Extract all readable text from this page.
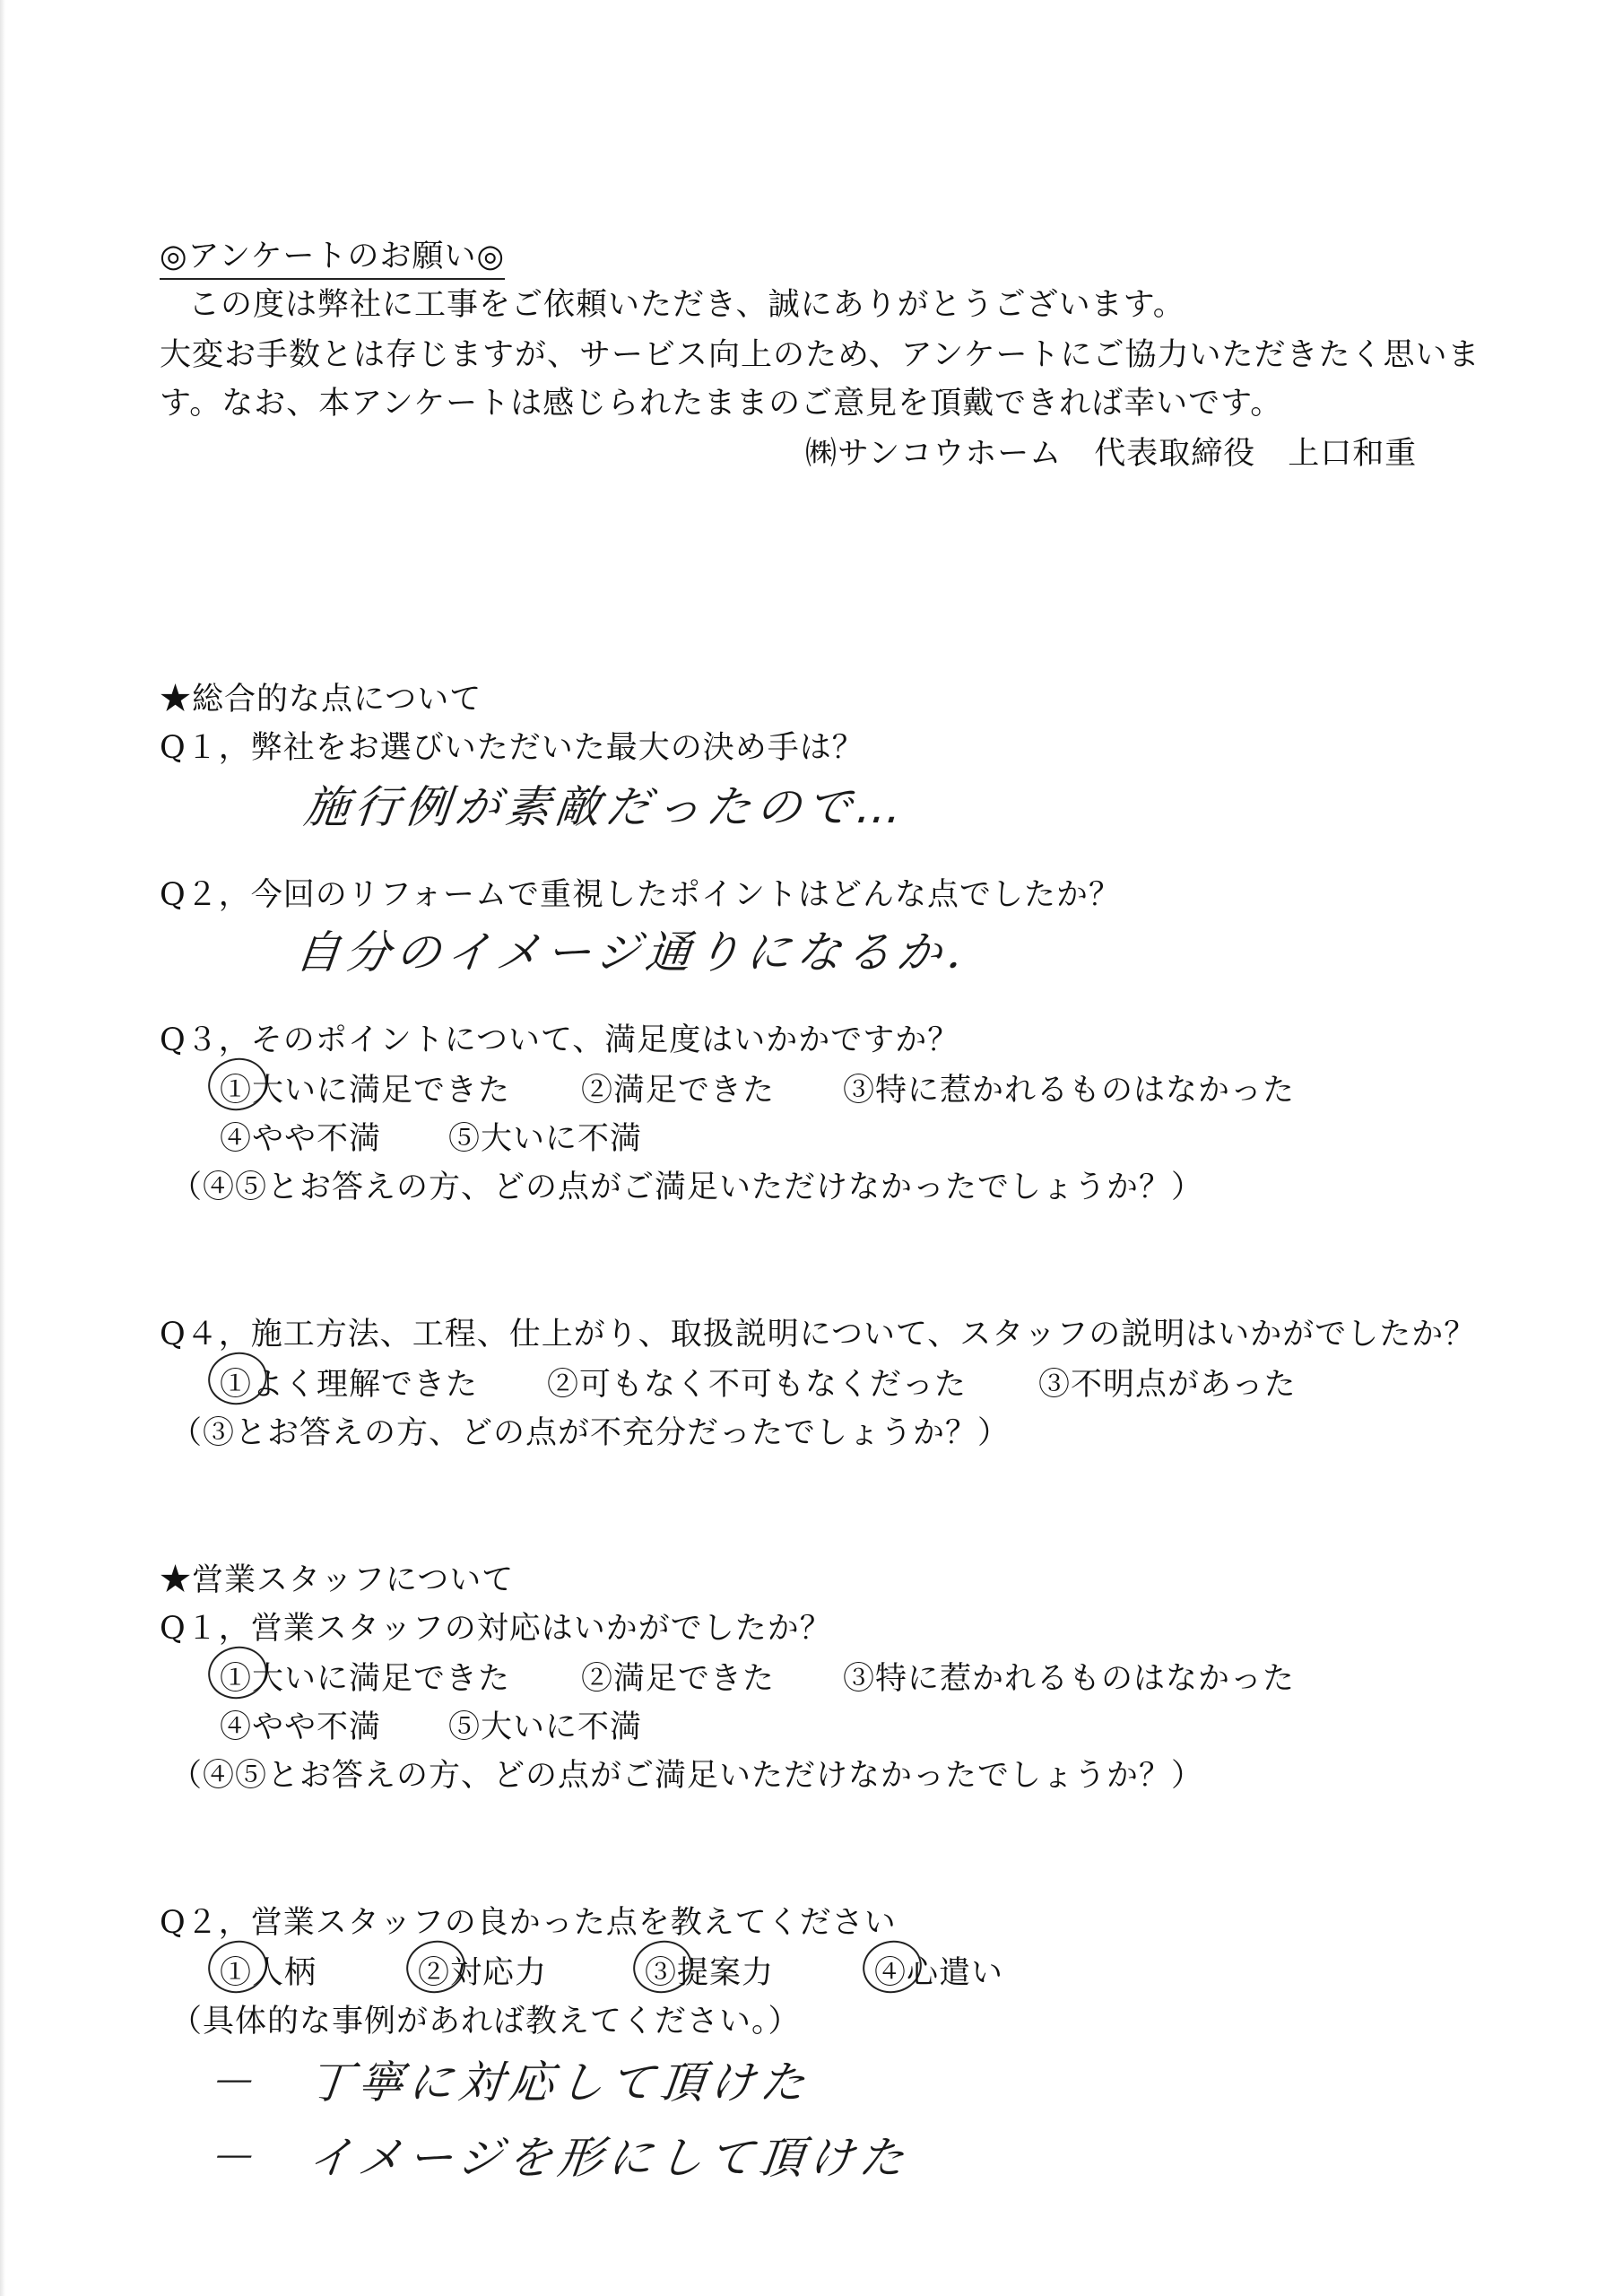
◎アンケートのお願い◎
この度は弊社に工事をご依頼いただき、誠にありがとうございます。
大変お手数とは存じますが、サービス向上のため、アンケートにご協力いただきたく思いま
す。なお、本アンケートは感じられたままのご意見を頂戴できれば幸いです。
㈱サンコウホーム　代表取締役　上口和重
★総合的な点について
Q１，弊社をお選びいただいた最大の決め手は？
施行例が素敵だったので…
Q２，今回のリフォームで重視したポイントはどんな点でしたか？
自分のイメージ通りになるか．
Q３，そのポイントについて、満足度はいかかですか？
①大いに満足できた ②満足できた ③特に惹かれるものはなかった
④やや不満 ⑤大いに不満
（④⑤とお答えの方、どの点がご満足いただけなかったでしょうか？）
Q４，施工方法、工程、仕上がり、取扱説明について、スタッフの説明はいかがでしたか？
①よく理解できた ②可もなく不可もなくだった ③不明点があった
（③とお答えの方、どの点が不充分だったでしょうか？）
★営業スタッフについて
Q１，営業スタッフの対応はいかがでしたか？
①大いに満足できた ②満足できた ③特に惹かれるものはなかった
④やや不満 ⑤大いに不満
（④⑤とお答えの方、どの点がご満足いただけなかったでしょうか？）
Q２，営業スタッフの良かった点を教えてください
①人柄	②対応力	③提案力	④心遣い
（具体的な事例があれば教えてください。）
－　丁寧に対応して頂けた
－　イメージを形にして頂けた
